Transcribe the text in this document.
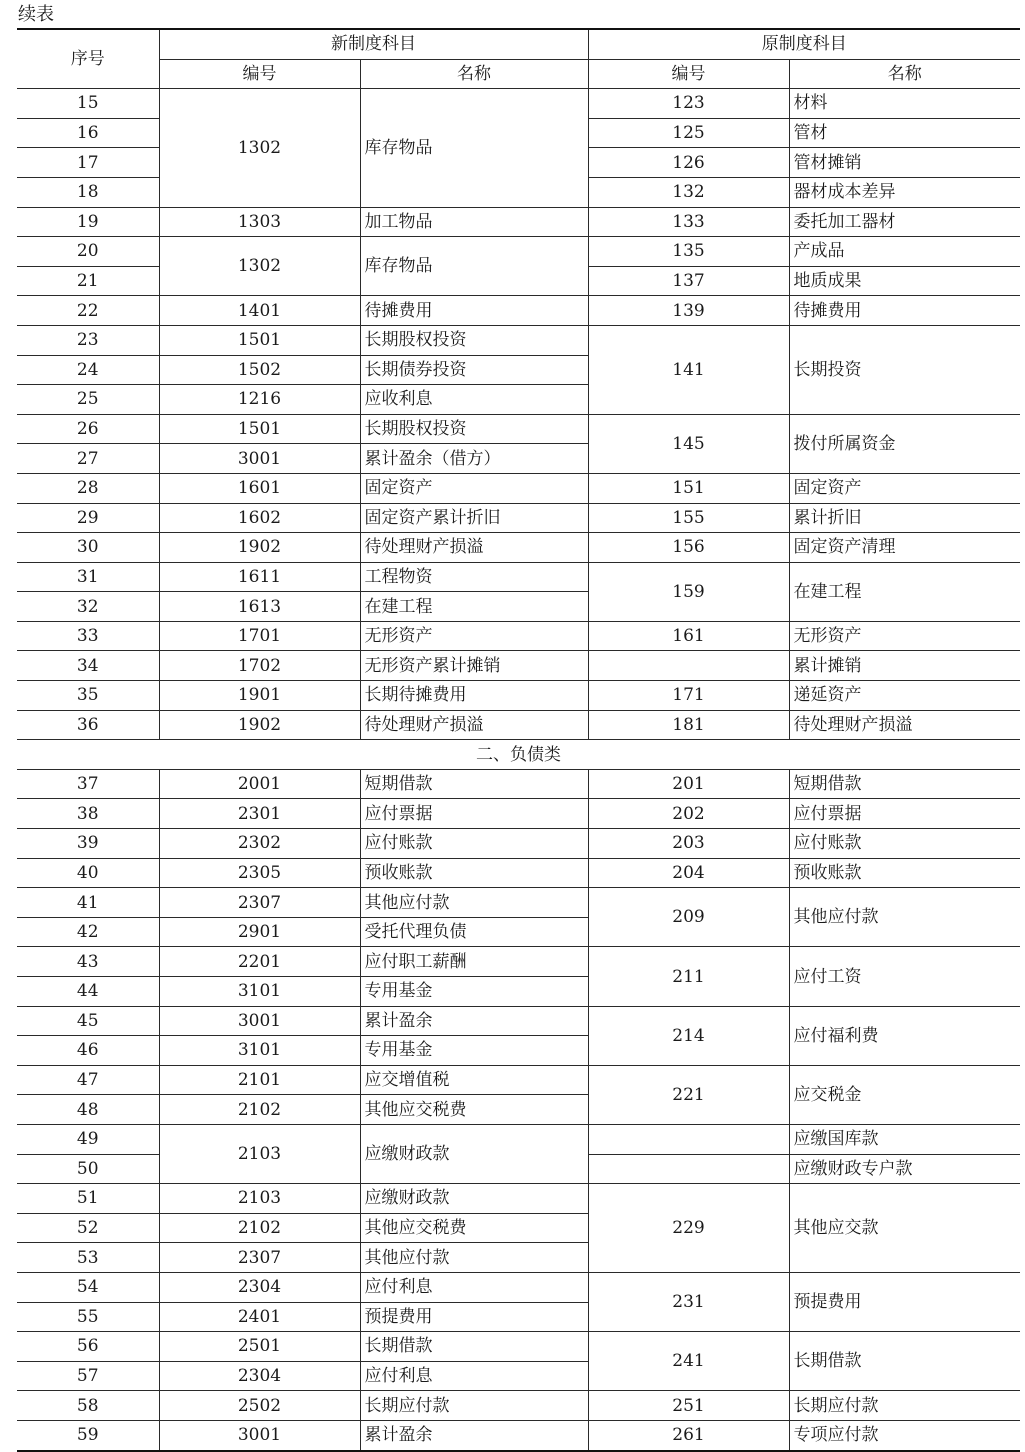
续表
序号	新制度科目		原制度科目	
	编号	名称	编号	名称
15	1302	库存物品	123	材料
16			125	管材
17			126	管材摊销
18			132	器材成本差异
19	1303	加工物品	133	委托加工器材
20	1302	库存物品	135	产成品
21			137	地质成果
22	1401	待摊费用	139	待摊费用
23	1501	长期股权投资	141	长期投资
24	1502	长期债券投资		
25	1216	应收利息		
26	1501	长期股权投资	145	拨付所属资金
27	3001	累计盈余（借方）		
28	1601	固定资产	151	固定资产
29	1602	固定资产累计折旧	155	累计折旧
30	1902	待处理财产损溢	156	固定资产清理
31	1611	工程物资	159	在建工程
32	1613	在建工程		
33	1701	无形资产	161	无形资产
34	1702	无形资产累计摊销		累计摊销
35	1901	长期待摊费用	171	递延资产
36	1902	待处理财产损溢	181	待处理财产损溢
二、负债类				
37	2001	短期借款	201	短期借款
38	2301	应付票据	202	应付票据
39	2302	应付账款	203	应付账款
40	2305	预收账款	204	预收账款
41	2307	其他应付款	209	其他应付款
42	2901	受托代理负债		
43	2201	应付职工薪酬	211	应付工资
44	3101	专用基金		
45	3001	累计盈余	214	应付福利费
46	3101	专用基金		
47	2101	应交增值税	221	应交税金
48	2102	其他应交税费		
49	2103	应缴财政款		应缴国库款
50				应缴财政专户款
51	2103	应缴财政款	229	其他应交款
52	2102	其他应交税费		
53	2307	其他应付款		
54	2304	应付利息	231	预提费用
55	2401	预提费用		
56	2501	长期借款	241	长期借款
57	2304	应付利息		
58	2502	长期应付款	251	长期应付款
59	3001	累计盈余	261	专项应付款
